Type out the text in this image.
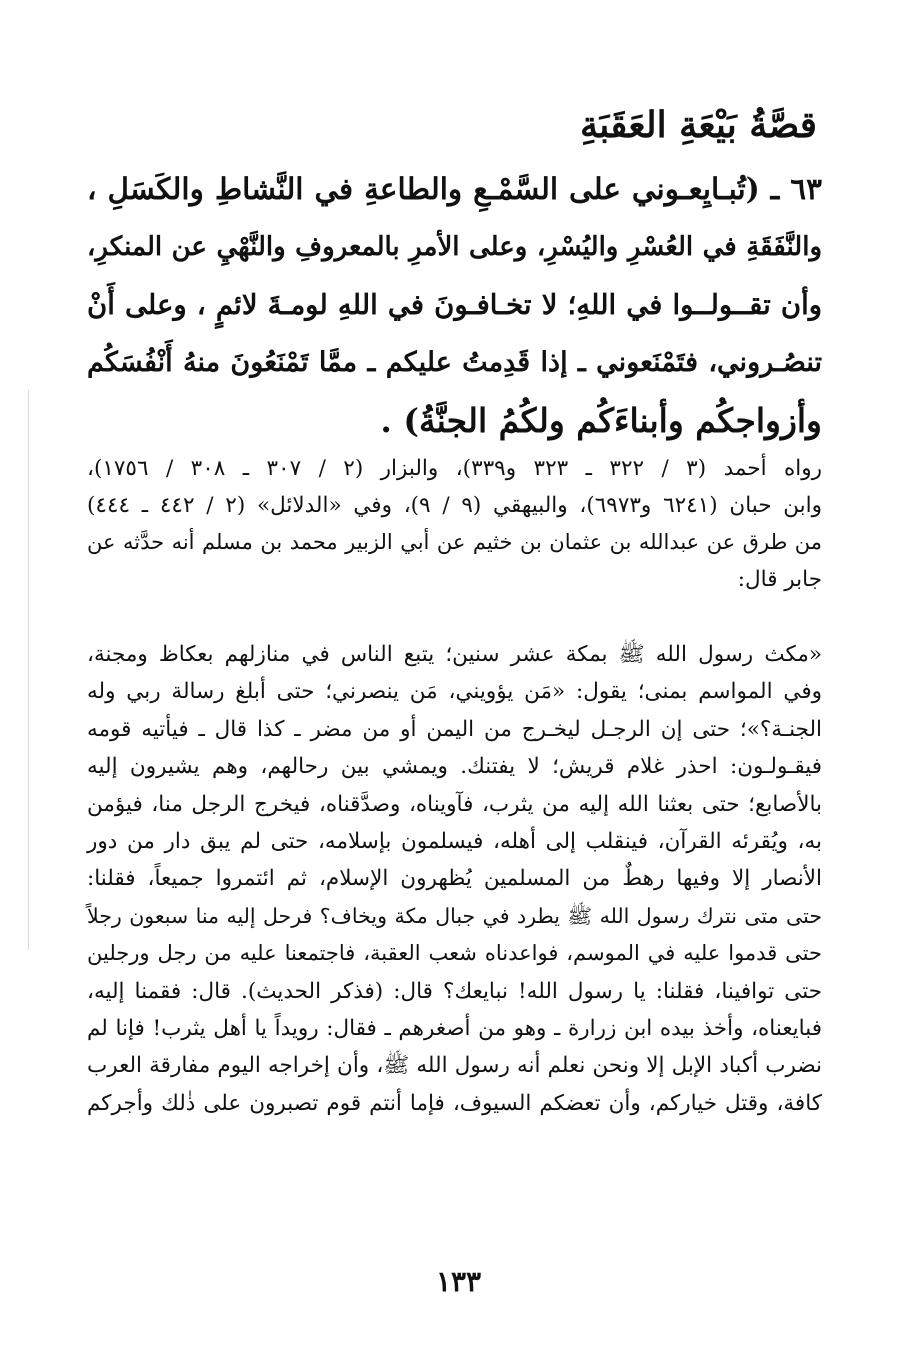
قصَّةُ بَيْعَةِ العَقَبَةِ
٦٣ ـ (تُبـايِعـوني على السَّمْـعِ والطاعةِ في النَّشاطِ والكَسَلِ ،
والنَّفَقَةِ في العُسْرِ واليُسْرِ، وعلى الأمرِ بالمعروفِ والنَّهْيِ عن المنكرِ،
وأن تقــولــوا في اللهِ؛ لا تخـافـونَ في اللهِ لومـةَ لائمٍ ، وعلى أَنْ
تنصُـروني، فتَمْنَعوني ـ إذا قَدِمتُ عليكم ـ ممَّا تَمْنَعُونَ منهُ أَنْفُسَكُم
وأزواجكُم وأبناءَكُم ولكُمُ الجنَّةُ) .
رواه أحمد (٣ / ٣٢٢ ـ ٣٢٣ و٣٣٩)، والبزار (٢ / ٣٠٧ ـ ٣٠٨ / ١٧٥٦)،
وابن حبان (٦٢٤١ و٦٩٧٣)، والبيهقي (٩ / ٩)، وفي «الدلائل» (٢ / ٤٤٢ ـ ٤٤٤)
من طرق عن عبدالله بن عثمان بن خثيم عن أبي الزبير محمد بن مسلم أنه حدَّثه عن
جابر قال:
«مكث رسول الله ﷺ بمكة عشر سنين؛ يتبع الناس في منازلهم بعكاظ ومجنة،
وفي المواسم بمنى؛ يقول: «مَن يؤويني، مَن ينصرني؛ حتى أبلغ رسالة ربي وله
الجنـة؟»؛ حتى إن الرجـل ليخـرج من اليمن أو من مضر ـ كذا قال ـ فيأتيه قومه
فيقـولـون: احذر غلام قريش؛ لا يفتنك. ويمشي بين رحالهم، وهم يشيرون إليه
بالأصابع؛ حتى بعثنا الله إليه من يثرب، فآويناه، وصدَّقناه، فيخرج الرجل منا، فيؤمن
به، ويُقرئه القرآن، فينقلب إلى أهله، فيسلمون بإسلامه، حتى لم يبق دار من دور
الأنصار إلا وفيها رهطٌ من المسلمين يُظهرون الإسلام، ثم ائتمروا جميعاً، فقلنا:
حتى متى نترك رسول الله ﷺ يطرد في جبال مكة ويخاف؟ فرحل إليه منا سبعون رجلاً
حتى قدموا عليه في الموسم، فواعدناه شعب العقبة، فاجتمعنا عليه من رجل ورجلين
حتى توافينا، فقلنا: يا رسول الله! نبايعك؟ قال: (فذكر الحديث). قال: فقمنا إليه،
فبايعناه، وأخذ بيده ابن زرارة ـ وهو من أصغرهم ـ فقال: رويداً يا أهل يثرب! فإنا لم
نضرب أكباد الإبل إلا ونحن نعلم أنه رسول الله ﷺ، وأن إخراجه اليوم مفارقة العرب
كافة، وقتل خياركم، وأن تعضكم السيوف، فإما أنتم قوم تصبرون على ذٰلك وأجركم
١٣٣
